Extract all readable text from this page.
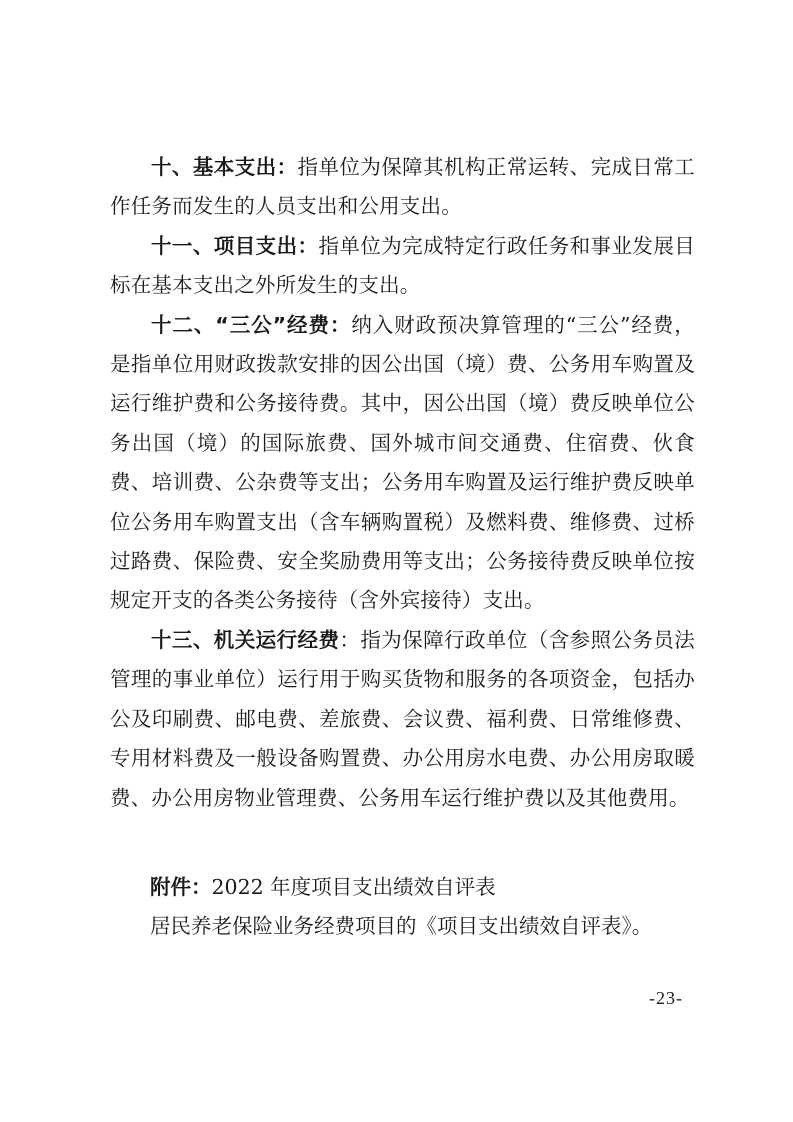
十、基本支出：指单位为保障其机构正常运转、完成日常工作任务而发生的人员支出和公用支出。

十一、项目支出：指单位为完成特定行政任务和事业发展目标在基本支出之外所发生的支出。

十二、“三公”经费：纳入财政预决算管理的“三公”经费，是指单位用财政拨款安排的因公出国（境）费、公务用车购置及运行维护费和公务接待费。其中，因公出国（境）费反映单位公务出国（境）的国际旅费、国外城市间交通费、住宿费、伙食费、培训费、公杂费等支出；公务用车购置及运行维护费反映单位公务用车购置支出（含车辆购置税）及燃料费、维修费、过桥过路费、保险费、安全奖励费用等支出；公务接待费反映单位按规定开支的各类公务接待（含外宾接待）支出。

十三、机关运行经费：指为保障行政单位（含参照公务员法管理的事业单位）运行用于购买货物和服务的各项资金，包括办公及印刷费、邮电费、差旅费、会议费、福利费、日常维修费、专用材料费及一般设备购置费、办公用房水电费、办公用房取暖费、办公用房物业管理费、公务用车运行维护费以及其他费用。

附件：2022 年度项目支出绩效自评表

居民养老保险业务经费项目的《项目支出绩效自评表》。

-23-
